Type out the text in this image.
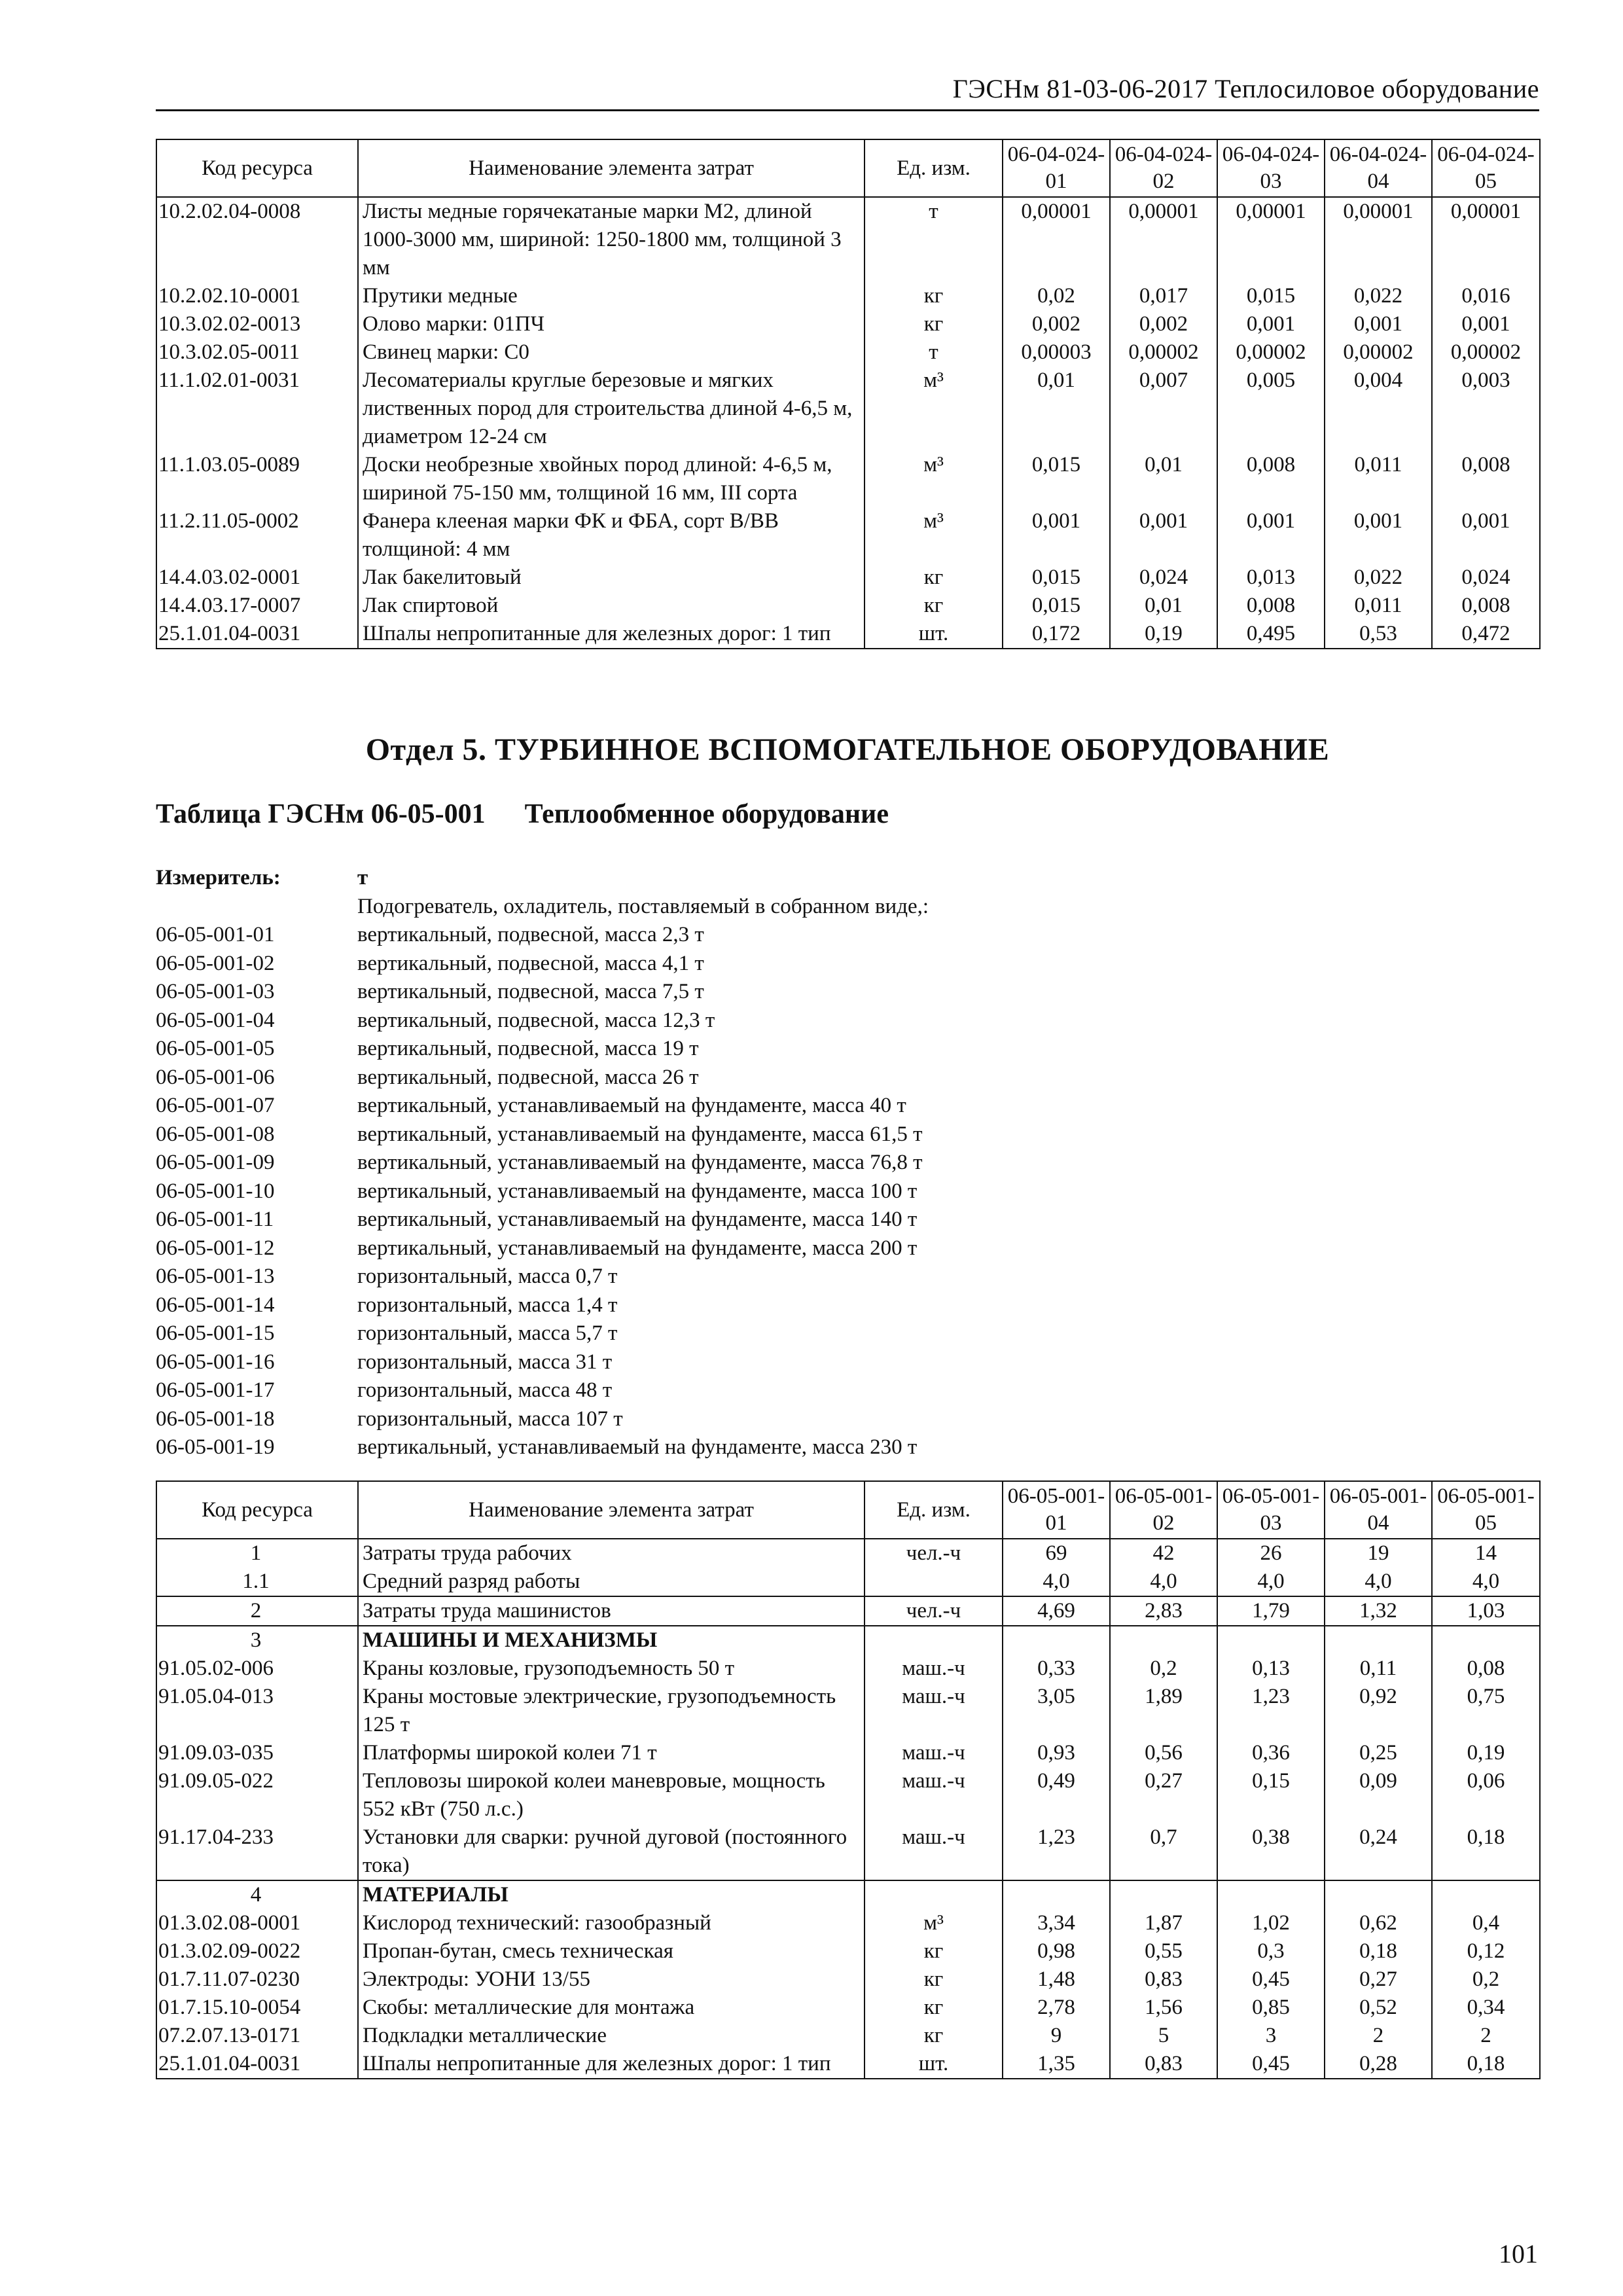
ГЭСНм 81-03-06-2017 Теплосиловое оборудование
Код ресурса	Наименование элемента затрат	Ед. изм.	06-04-024-01	06-04-024-02	06-04-024-03	06-04-024-04	06-04-024-05
10.2.02.04-0008	Листы медные горячекатаные марки М2, длиной 1000-3000 мм, шириной: 1250-1800 мм, толщиной 3 мм	т	0,00001	0,00001	0,00001	0,00001	0,00001
10.2.02.10-0001	Прутики медные	кг	0,02	0,017	0,015	0,022	0,016
10.3.02.02-0013	Олово марки: 01ПЧ	кг	0,002	0,002	0,001	0,001	0,001
10.3.02.05-0011	Свинец марки: С0	т	0,00003	0,00002	0,00002	0,00002	0,00002
11.1.02.01-0031	Лесоматериалы круглые березовые и мягких лиственных пород для строительства длиной 4-6,5 м, диаметром 12-24 см	м³	0,01	0,007	0,005	0,004	0,003
11.1.03.05-0089	Доски необрезные хвойных пород длиной: 4-6,5 м, шириной 75-150 мм, толщиной 16 мм, III сорта	м³	0,015	0,01	0,008	0,011	0,008
11.2.11.05-0002	Фанера клееная марки ФК и ФБА, сорт В/ВВ толщиной: 4 мм	м³	0,001	0,001	0,001	0,001	0,001
14.4.03.02-0001	Лак бакелитовый	кг	0,015	0,024	0,013	0,022	0,024
14.4.03.17-0007	Лак спиртовой	кг	0,015	0,01	0,008	0,011	0,008
25.1.01.04-0031	Шпалы непропитанные для железных дорог: 1 тип	шт.	0,172	0,19	0,495	0,53	0,472
Отдел 5. ТУРБИННОЕ ВСПОМОГАТЕЛЬНОЕ ОБОРУДОВАНИЕ
Таблица ГЭСНм 06-05-001 Теплообменное оборудование
Измеритель:	т
Подогреватель, охладитель, поставляемый в собранном виде,:
06-05-001-01	вертикальный, подвесной, масса 2,3 т
06-05-001-02	вертикальный, подвесной, масса 4,1 т
06-05-001-03	вертикальный, подвесной, масса 7,5 т
06-05-001-04	вертикальный, подвесной, масса 12,3 т
06-05-001-05	вертикальный, подвесной, масса 19 т
06-05-001-06	вертикальный, подвесной, масса 26 т
06-05-001-07	вертикальный, устанавливаемый на фундаменте, масса 40 т
06-05-001-08	вертикальный, устанавливаемый на фундаменте, масса 61,5 т
06-05-001-09	вертикальный, устанавливаемый на фундаменте, масса 76,8 т
06-05-001-10	вертикальный, устанавливаемый на фундаменте, масса 100 т
06-05-001-11	вертикальный, устанавливаемый на фундаменте, масса 140 т
06-05-001-12	вертикальный, устанавливаемый на фундаменте, масса 200 т
06-05-001-13	горизонтальный, масса 0,7 т
06-05-001-14	горизонтальный, масса 1,4 т
06-05-001-15	горизонтальный, масса 5,7 т
06-05-001-16	горизонтальный, масса 31 т
06-05-001-17	горизонтальный, масса 48 т
06-05-001-18	горизонтальный, масса 107 т
06-05-001-19	вертикальный, устанавливаемый на фундаменте, масса 230 т
Код ресурса	Наименование элемента затрат	Ед. изм.	06-05-001-01	06-05-001-02	06-05-001-03	06-05-001-04	06-05-001-05
1	Затраты труда рабочих	чел.-ч	69	42	26	19	14
1.1	Средний разряд работы		4,0	4,0	4,0	4,0	4,0
2	Затраты труда машинистов	чел.-ч	4,69	2,83	1,79	1,32	1,03
3	МАШИНЫ И МЕХАНИЗМЫ						
91.05.02-006	Краны козловые, грузоподъемность 50 т	маш.-ч	0,33	0,2	0,13	0,11	0,08
91.05.04-013	Краны мостовые электрические, грузоподъемность 125 т	маш.-ч	3,05	1,89	1,23	0,92	0,75
91.09.03-035	Платформы широкой колеи 71 т	маш.-ч	0,93	0,56	0,36	0,25	0,19
91.09.05-022	Тепловозы широкой колеи маневровые, мощность 552 кВт (750 л.с.)	маш.-ч	0,49	0,27	0,15	0,09	0,06
91.17.04-233	Установки для сварки: ручной дуговой (постоянного тока)	маш.-ч	1,23	0,7	0,38	0,24	0,18
4	МАТЕРИАЛЫ						
01.3.02.08-0001	Кислород технический: газообразный	м³	3,34	1,87	1,02	0,62	0,4
01.3.02.09-0022	Пропан-бутан, смесь техническая	кг	0,98	0,55	0,3	0,18	0,12
01.7.11.07-0230	Электроды: УОНИ 13/55	кг	1,48	0,83	0,45	0,27	0,2
01.7.15.10-0054	Скобы: металлические для монтажа	кг	2,78	1,56	0,85	0,52	0,34
07.2.07.13-0171	Подкладки металлические	кг	9	5	3	2	2
25.1.01.04-0031	Шпалы непропитанные для железных дорог: 1 тип	шт.	1,35	0,83	0,45	0,28	0,18
101
